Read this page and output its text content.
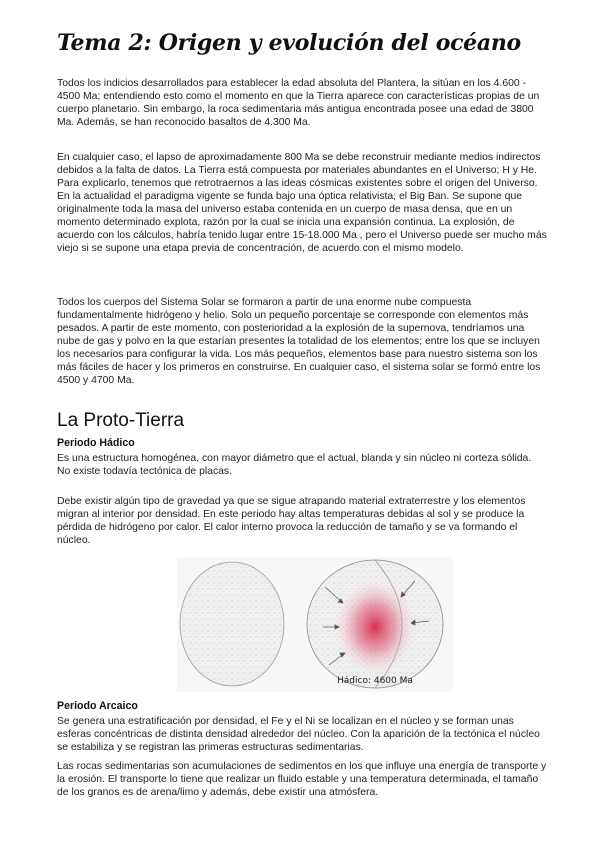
Tema 2: Origen y evolución del océano

Todos los indicios desarrollados para establecer la edad absoluta del Plantera, la sitúan en los 4.600 - 4500 Ma; entendiendo esto como el momento en que la Tierra aparece con características propias de un cuerpo planetario. Sin embargo, la roca sedimentaria más antigua encontrada posee una edad de 3800 Ma. Además, se han reconocido basaltos de 4.300 Ma.

En cualquier caso, el lapso de aproximadamente 800 Ma se debe reconstruir mediante medios indirectos debidos a la falta de datos. La Tierra está compuesta por materiales abundantes en el Universo; H y He. Para explicarlo, tenemos que retrotraernos a las ideas cósmicas existentes sobre el origen del Universo. En la actualidad el paradigma vigente se funda bajo una óptica relativista; el Big Ban. Se supone que originalmente toda la masa del universo estaba contenida en un cuerpo de masa densa, que en un momento determinado explota, razón por la cual se inicia una expansión continua. La explosión, de acuerdo con los cálculos, habría tenido lugar entre 15-18.000 Ma , pero el Universo puede ser mucho más viejo si se supone una etapa previa de concentración, de acuerdo con el mismo modelo.

Todos los cuerpos del Sistema Solar se formaron a partir de una enorme nube compuesta fundamentalmente hidrógeno y helio. Solo un pequeño porcentaje se corresponde con elementos más pesados. A partir de este momento, con posterioridad a la explosión de la supernova, tendríamos una nube de gas y polvo en la que estarían presentes la totalidad de los elementos; entre los que se incluyen los necesarios para configurar la vida. Los más pequeños, elementos base para nuestro sistema son los más fáciles de hacer y los primeros en construirse. En cualquier caso, el sistema solar se formó entre los 4500 y 4700 Ma.

La Proto-Tierra
Periodo Hádico

Es una estructura homogénea, con mayor diámetro que el actual, blanda y sin núcleo ni corteza sólida. No existe todavía tectónica de placas.

Debe existir algún tipo de gravedad ya que se sigue atrapando material extraterrestre y los elementos migran al interior por densidad. En este periodo hay altas temperaturas debidas al sol y se produce la pérdida de hidrógeno por calor. El calor interno provoca la reducción de tamaño y se va formando el núcleo.

Hádico: 4600 Ma
Periodo Arcaico

Se genera una estratificación por densidad, el Fe y el Ni se localizan en el núcleo y se forman unas esferas concéntricas de distinta densidad alrededor del núcleo. Con la aparición de la tectónica el núcleo se estabiliza y se registran las primeras estructuras sedimentarias.

Las rocas sedimentarias son acumulaciones de sedimentos en los que influye una energía de transporte y la erosión. El transporte lo tiene que realizar un fluido estable y una temperatura determinada, el tamaño de los granos es de arena/limo y además, debe existir una atmósfera.
